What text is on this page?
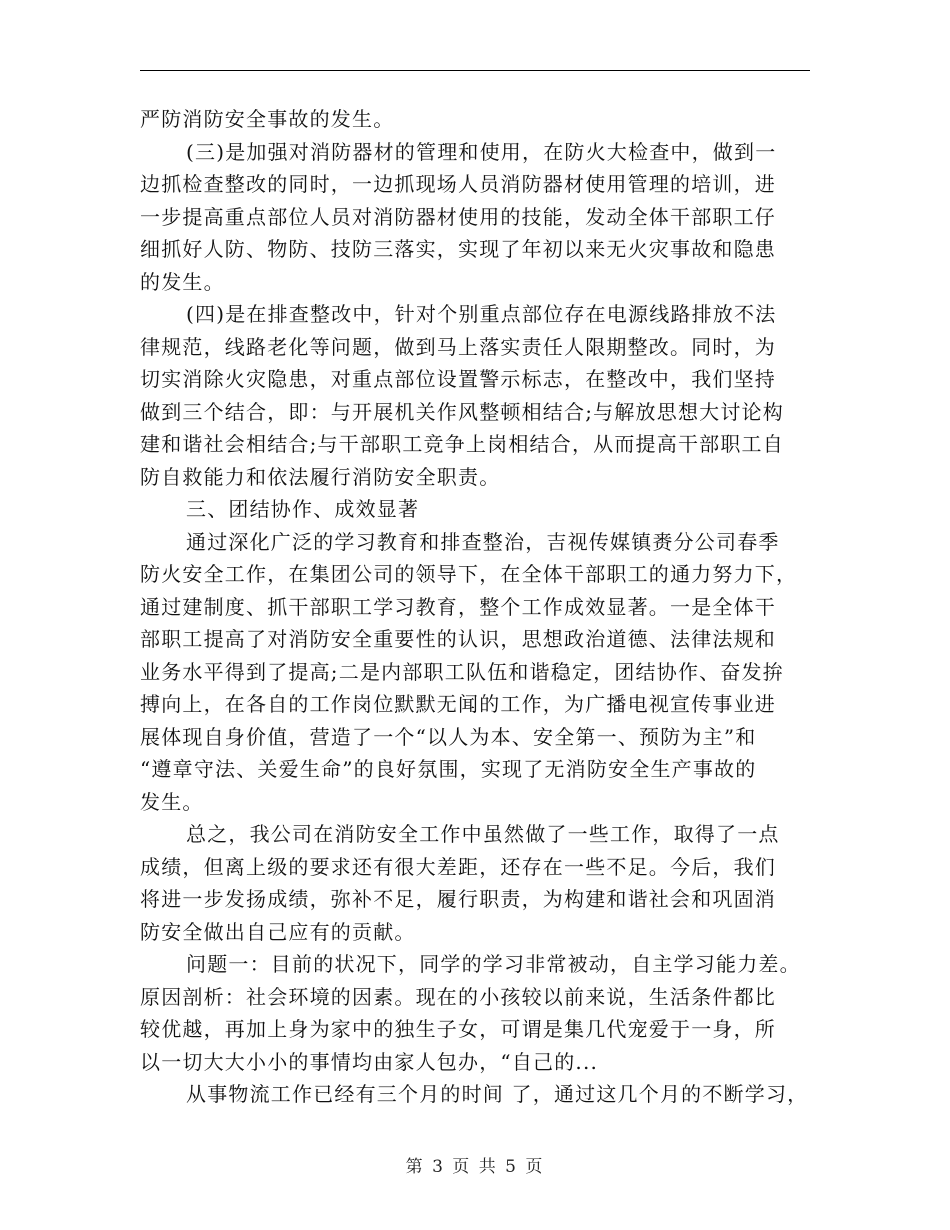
严防消防安全事故的发生。
(三)是加强对消防器材的管理和使用，在防火大检查中，做到一
边抓检查整改的同时，一边抓现场人员消防器材使用管理的培训，进
一步提高重点部位人员对消防器材使用的技能，发动全体干部职工仔
细抓好人防、物防、技防三落实，实现了年初以来无火灾事故和隐患
的发生。
(四)是在排查整改中，针对个别重点部位存在电源线路排放不法
律规范，线路老化等问题，做到马上落实责任人限期整改。同时，为
切实消除火灾隐患，对重点部位设置警示标志，在整改中，我们坚持
做到三个结合，即：与开展机关作风整顿相结合;与解放思想大讨论构
建和谐社会相结合;与干部职工竞争上岗相结合，从而提高干部职工自
防自救能力和依法履行消防安全职责。
三、团结协作、成效显著
通过深化广泛的学习教育和排查整治，吉视传媒镇赉分公司春季
防火安全工作，在集团公司的领导下，在全体干部职工的通力努力下，
通过建制度、抓干部职工学习教育，整个工作成效显著。一是全体干
部职工提高了对消防安全重要性的认识，思想政治道德、法律法规和
业务水平得到了提高;二是内部职工队伍和谐稳定，团结协作、奋发拚
搏向上，在各自的工作岗位默默无闻的工作，为广播电视宣传事业进
展体现自身价值，营造了一个“以人为本、安全第一、预防为主”和
“遵章守法、关爱生命”的良好氛围，实现了无消防安全生产事故的
发生。
总之，我公司在消防安全工作中虽然做了一些工作，取得了一点
成绩，但离上级的要求还有很大差距，还存在一些不足。今后，我们
将进一步发扬成绩，弥补不足，履行职责，为构建和谐社会和巩固消
防安全做出自己应有的贡献。
问题一：目前的状况下，同学的学习非常被动，自主学习能力差。
原因剖析：社会环境的因素。现在的小孩较以前来说，生活条件都比
较优越，再加上身为家中的独生子女，可谓是集几代宠爱于一身，所
以一切大大小小的事情均由家人包办，“自己的...
从事物流工作已经有三个月的时间 了，通过这几个月的不断学习，
第 3 页 共 5 页
